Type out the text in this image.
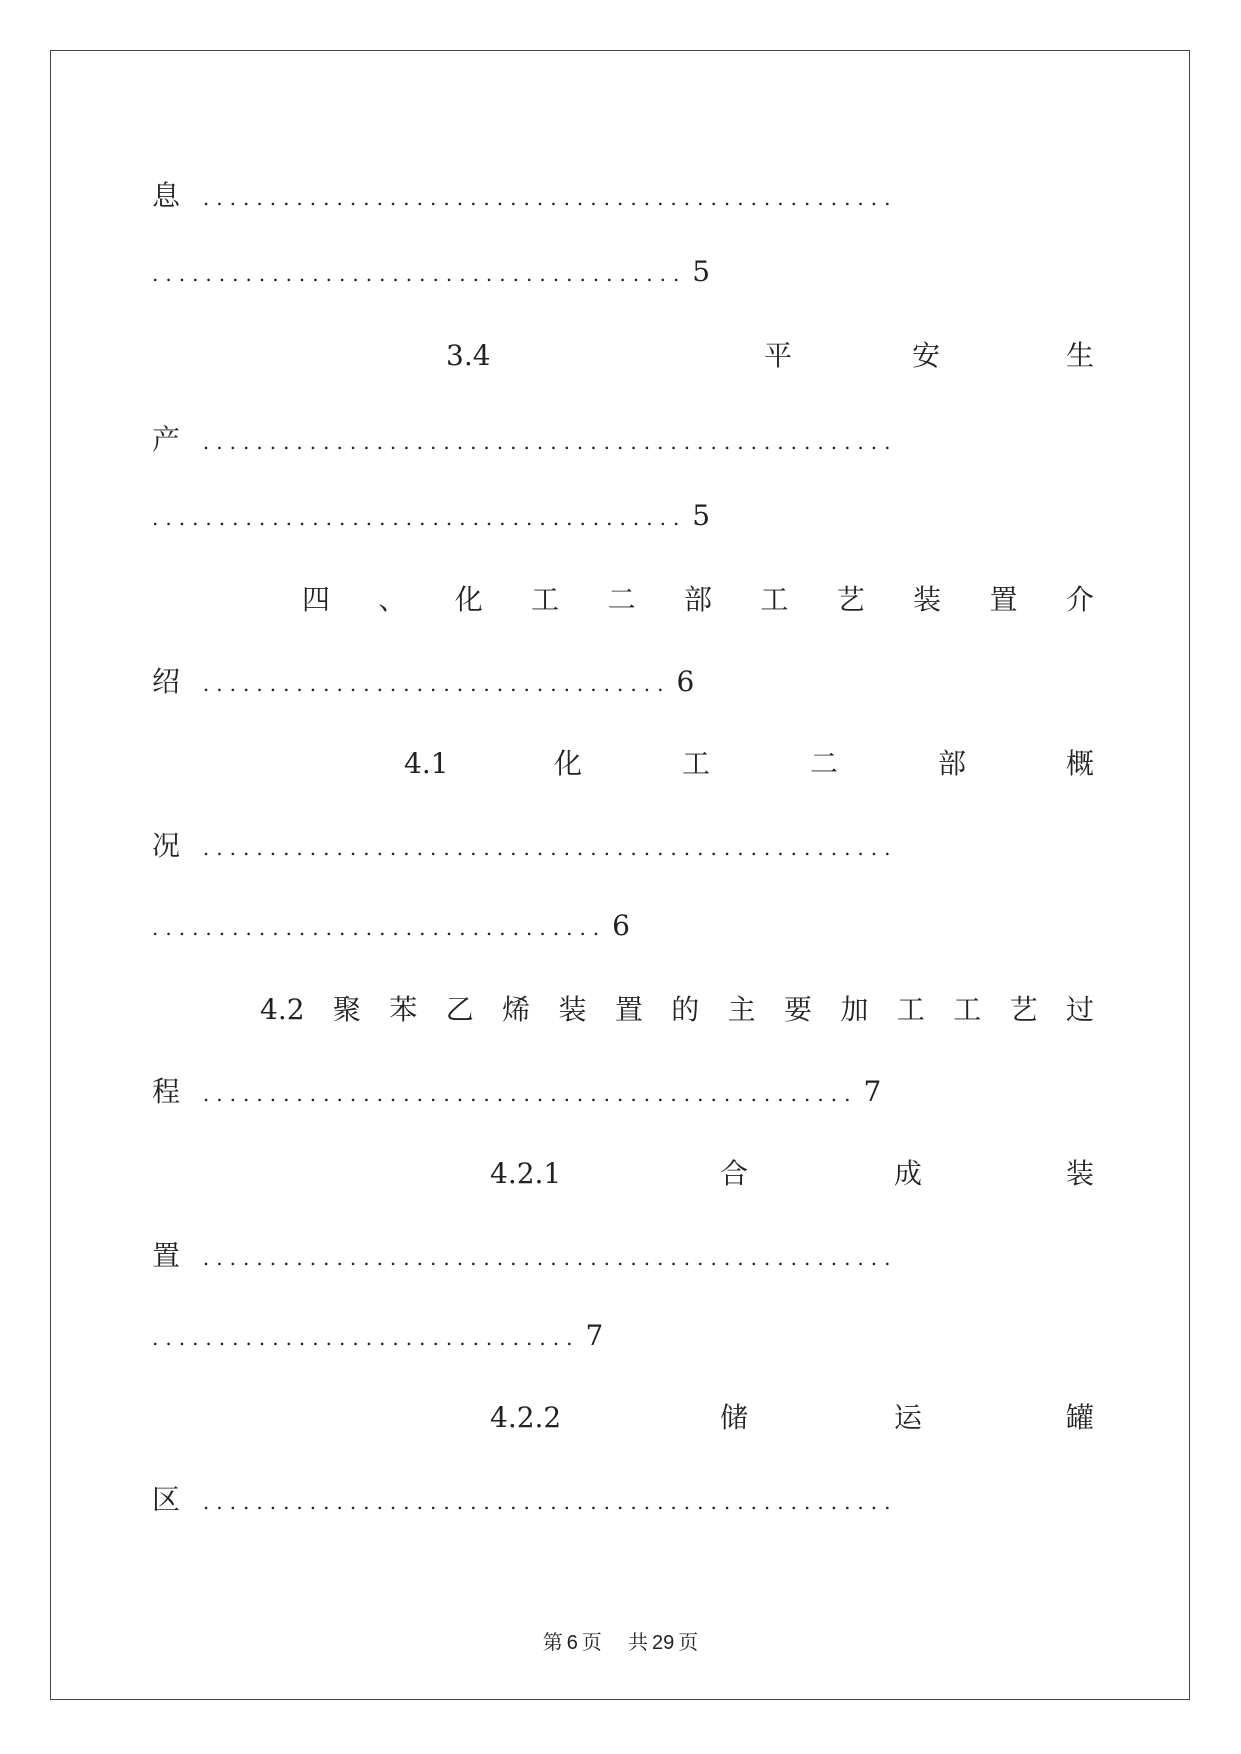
息 ....................................................
........................................ 5
3.4	平	安	生
产 ....................................................
........................................ 5
四 、 化 工 二 部 工 艺 装 置 介
绍 ................................... 6
4.1	化	工	二	部	概
况 ....................................................
.................................. 6
4.2 聚 苯 乙 烯 装 置 的 主 要 加 工 工 艺 过
程 ................................................. 7
4.2.1	合	成	装
置 ....................................................
................................ 7
4.2.2	储	运	罐
区 ....................................................
第 6 页 共 29 页
